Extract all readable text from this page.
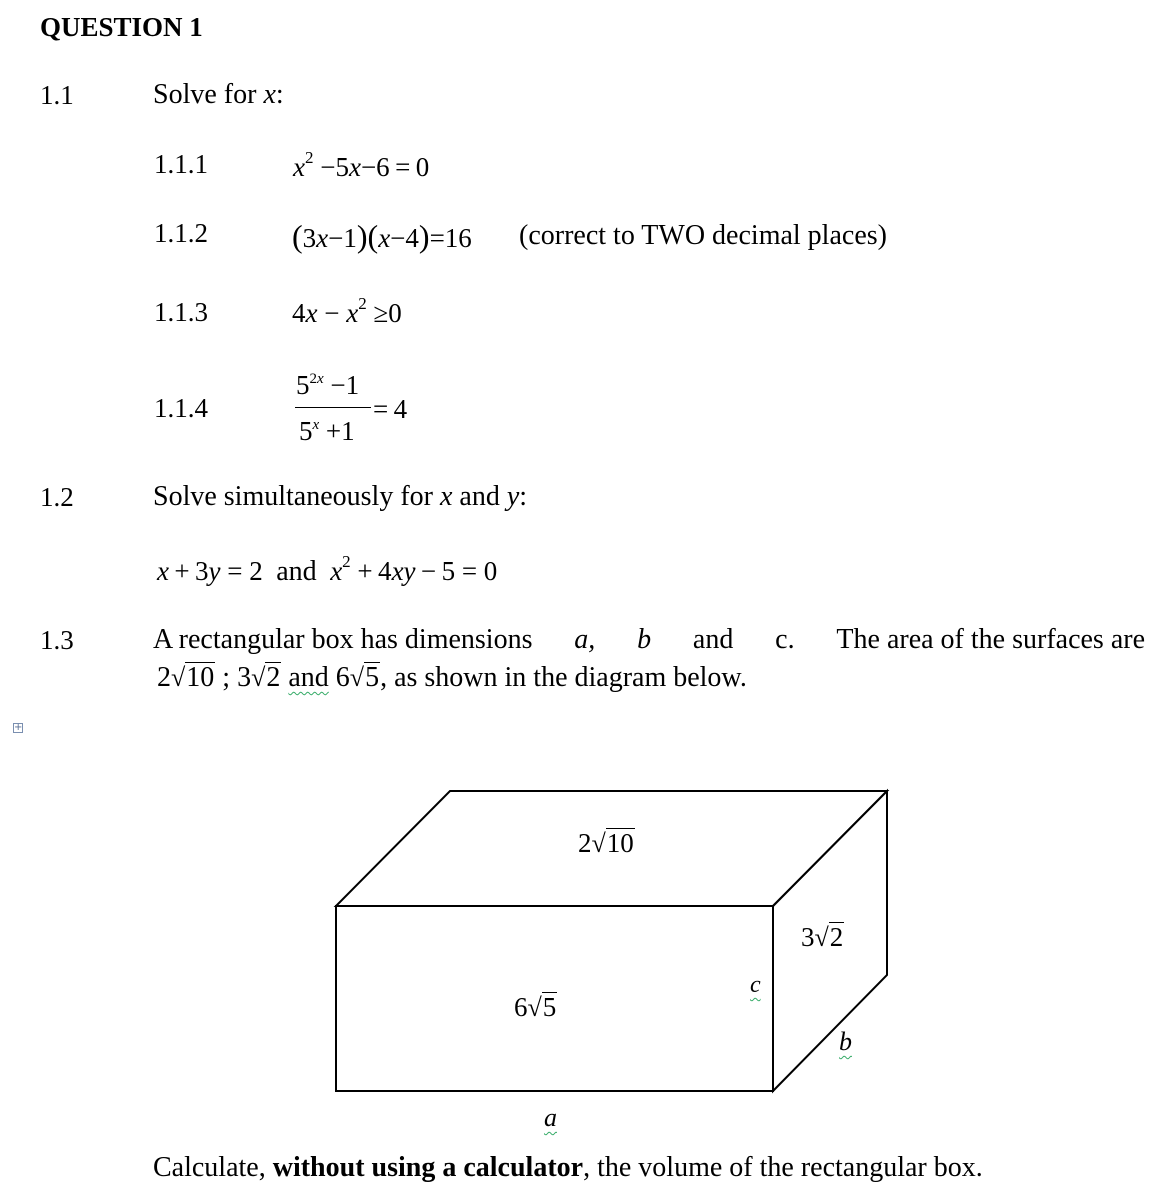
+
QUESTION 1
1.1	Solve for x:
1.1.1	$x^2 -5x-6 = 0$
1.1.2	(3x−1)(x−4)=16 (correct to TWO decimal places)
1.1.3	$4x - x^2 \ge 0$
1.1.4
$5^{2x} -1$
$5^x +1$
= 4
1.2	Solve simultaneously for x and y:
x + 3y = 2  and $x^2 + 4xy - 5 = 0$
1.3	A rectangular box has dimensions a, b and c. The area of the surfaces are
2√10 ; 3√2 and 6√5, as shown in the diagram below.
2√10
3√2
6√5
c
b
a
Calculate, without using a calculator, the volume of the rectangular box.
